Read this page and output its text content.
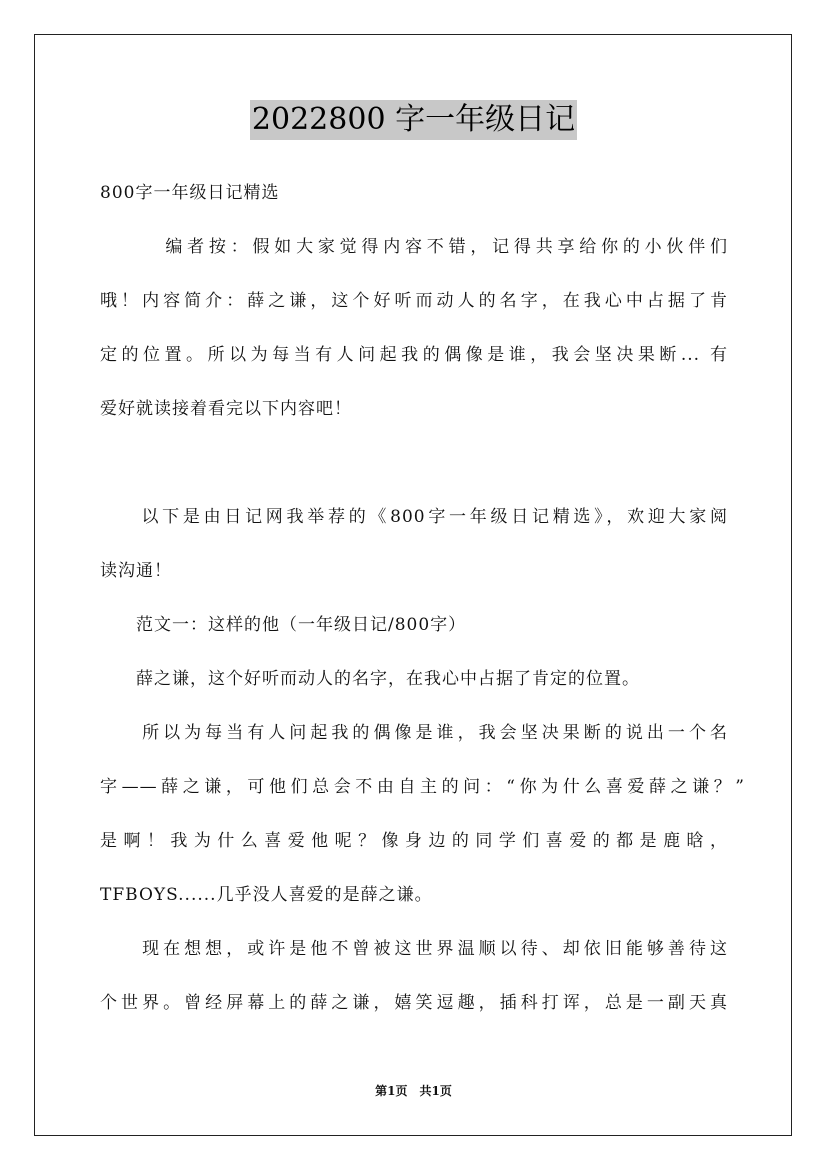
2022800 字一年级日记
800字一年级日记精选
　　　编者按：假如大家觉得内容不错，记得共享给你的小伙伴们
哦！内容简介：薛之谦，这个好听而动人的名字，在我心中占据了肯
定的位置。所以为每当有人问起我的偶像是谁，我会坚决果断... 有
爱好就读接着看完以下内容吧！
　　以下是由日记网我举荐的《800字一年级日记精选》，欢迎大家阅
读沟通！
　　范文一：这样的他（一年级日记/800字）
　　薛之谦，这个好听而动人的名字，在我心中占据了肯定的位置。
　　所以为每当有人问起我的偶像是谁，我会坚决果断的说出一个名
字——薛之谦，可他们总会不由自主的问：“你为什么喜爱薛之谦？”
是啊！我为什么喜爱他呢？像身边的同学们喜爱的都是鹿晗，
TFBOYS......几乎没人喜爱的是薛之谦。
　　现在想想，或许是他不曾被这世界温顺以待、却依旧能够善待这
个世界。曾经屏幕上的薛之谦，嬉笑逗趣，插科打诨，总是一副天真
第1页　共1页
